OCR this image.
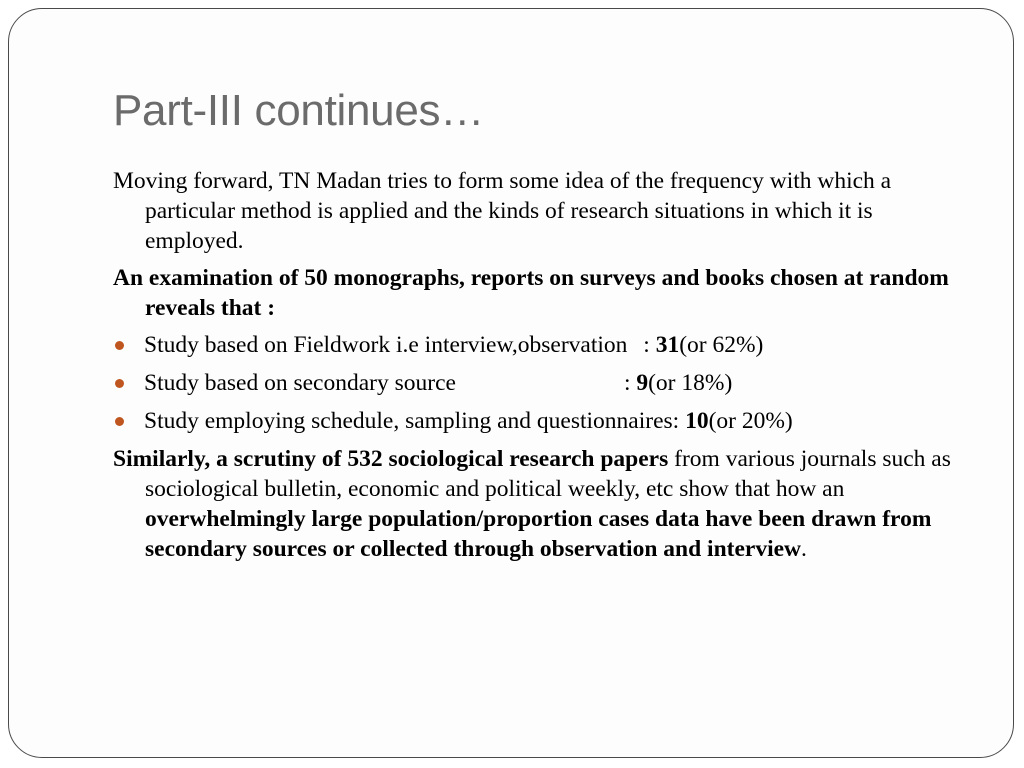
Part-III continues…

Moving forward, TN Madan tries to form some idea of the frequency with which a particular method is applied and the kinds of research situations in which it is employed.

An examination of 50 monographs, reports on surveys and books chosen at random reveals that :

Study based on Fieldwork i.e interview,observation : 31(or 62%)
Study based on secondary source	: 9(or 18%)
Study employing schedule, sampling and questionnaires: 10(or 20%)

Similarly, a scrutiny of 532 sociological research papers from various journals such as sociological bulletin, economic and political weekly, etc show that how an overwhelmingly large population/proportion cases data have been drawn from secondary sources or collected through observation and interview.
